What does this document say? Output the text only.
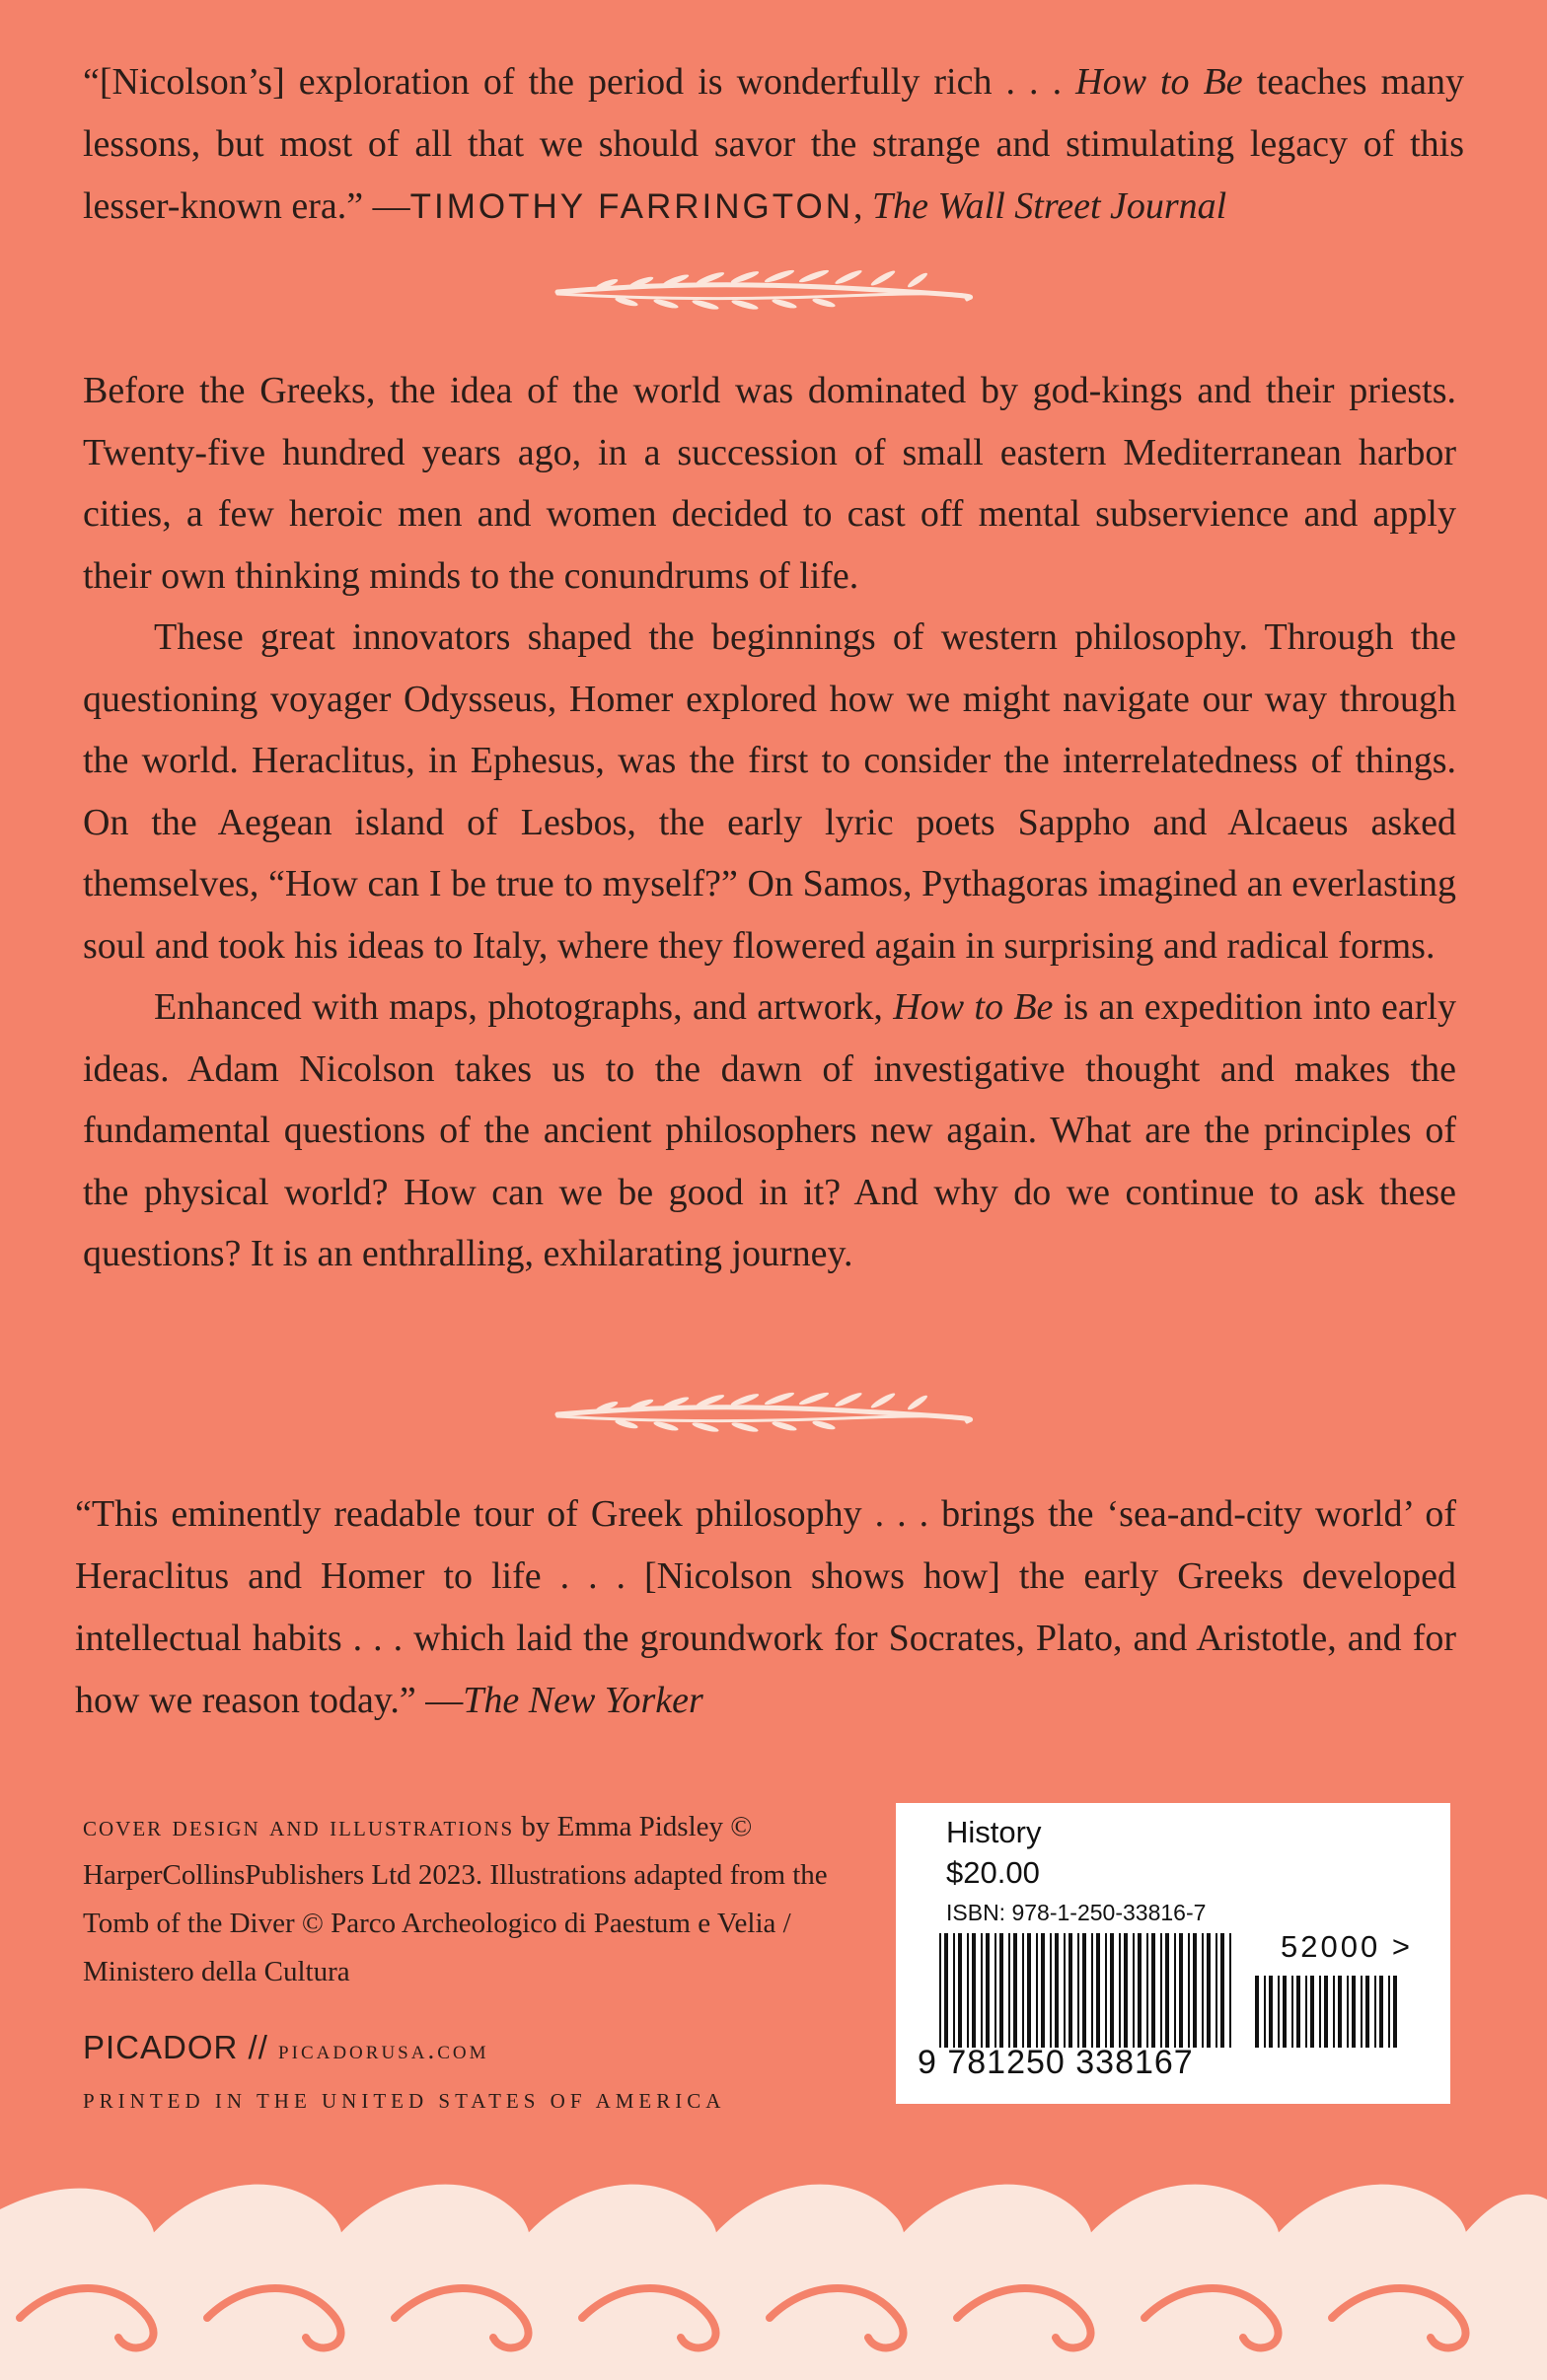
“[Nicolson’s] exploration of the period is wonderfully rich . . . How to Be teaches many lessons, but most of all that we should savor the strange and stimulating legacy of this lesser-known era.” —TIMOTHY FARRINGTON, The Wall Street Journal

Before the Greeks, the idea of the world was dominated by god-kings and their priests. Twenty-five hundred years ago, in a succession of small eastern Mediterranean harbor cities, a few heroic men and women decided to cast off mental subservience and apply their own thinking minds to the conundrums of life.

These great innovators shaped the beginnings of western philosophy. Through the questioning voyager Odysseus, Homer explored how we might navigate our way through the world. Heraclitus, in Ephesus, was the first to consider the interrelatedness of things. On the Aegean island of Lesbos, the early lyric poets Sappho and Alcaeus asked themselves, “How can I be true to myself?” On Samos, Pythagoras imagined an everlasting soul and took his ideas to Italy, where they flowered again in surprising and radical forms.

Enhanced with maps, photographs, and artwork, How to Be is an expedition into early ideas. Adam Nicolson takes us to the dawn of investigative thought and makes the fundamental questions of the ancient philosophers new again. What are the principles of the physical world? How can we be good in it? And why do we continue to ask these questions? It is an enthralling, exhilarating journey.

“This eminently readable tour of Greek philosophy . . . brings the ‘sea-and-city world’ of Heraclitus and Homer to life . . . [Nicolson shows how] the early Greeks developed intellectual habits . . . which laid the groundwork for Socrates, Plato, and Aristotle, and for how we reason today.” —The New Yorker
cover design and illustrations by Emma Pidsley © HarperCollinsPublishers Ltd 2023. Illustrations adapted from the Tomb of the Diver © Parco Archeologico di Paestum e Velia / Ministero della Cultura
PICADOR // picadorusa.com
PRINTED IN THE UNITED STATES OF AMERICA
History
$20.00
ISBN: 978-1-250-33816-7
52000 >
9 781250 338167
